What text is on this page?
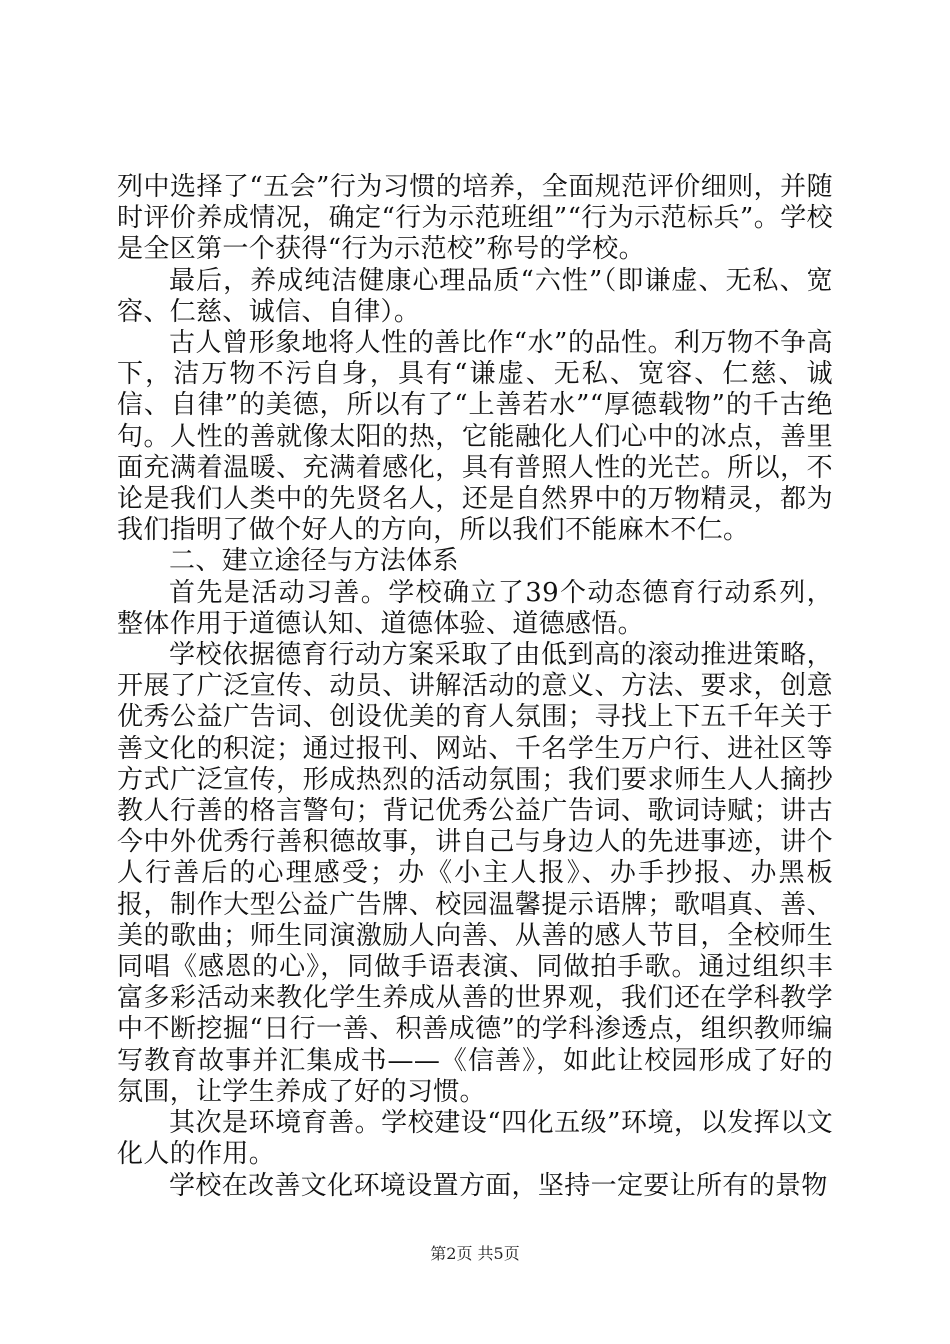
列中选择了“五会”行为习惯的培养，全面规范评价细则，并随时评价养成情况，确定“行为示范班组”“行为示范标兵”。学校是全区第一个获得“行为示范校”称号的学校。

最后，养成纯洁健康心理品质“六性”（即谦虚、无私、宽容、仁慈、诚信、自律）。

古人曾形象地将人性的善比作“水”的品性。利万物不争高下，洁万物不污自身，具有“谦虚、无私、宽容、仁慈、诚信、自律”的美德，所以有了“上善若水”“厚德载物”的千古绝句。人性的善就像太阳的热，它能融化人们心中的冰点，善里面充满着温暖、充满着感化，具有普照人性的光芒。所以，不论是我们人类中的先贤名人，还是自然界中的万物精灵，都为我们指明了做个好人的方向，所以我们不能麻木不仁。

二、建立途径与方法体系

首先是活动习善。学校确立了39个动态德育行动系列，整体作用于道德认知、道德体验、道德感悟。

学校依据德育行动方案采取了由低到高的滚动推进策略，开展了广泛宣传、动员、讲解活动的意义、方法、要求，创意优秀公益广告词、创设优美的育人氛围；寻找上下五千年关于善文化的积淀；通过报刊、网站、千名学生万户行、进社区等方式广泛宣传，形成热烈的活动氛围；我们要求师生人人摘抄教人行善的格言警句；背记优秀公益广告词、歌词诗赋；讲古今中外优秀行善积德故事，讲自己与身边人的先进事迹，讲个人行善后的心理感受；办《小主人报》、办手抄报、办黑板报，制作大型公益广告牌、校园温馨提示语牌；歌唱真、善、美的歌曲；师生同演激励人向善、从善的感人节目，全校师生同唱《感恩的心》，同做手语表演、同做拍手歌。通过组织丰富多彩活动来教化学生养成从善的世界观，我们还在学科教学中不断挖掘“日行一善、积善成德”的学科渗透点，组织教师编写教育故事并汇集成书——《信善》，如此让校园形成了好的氛围，让学生养成了好的习惯。

其次是环境育善。学校建设“四化五级”环境，以发挥以文化人的作用。

学校在改善文化环境设置方面，坚持一定要让所有的景物

第2页 共5页
